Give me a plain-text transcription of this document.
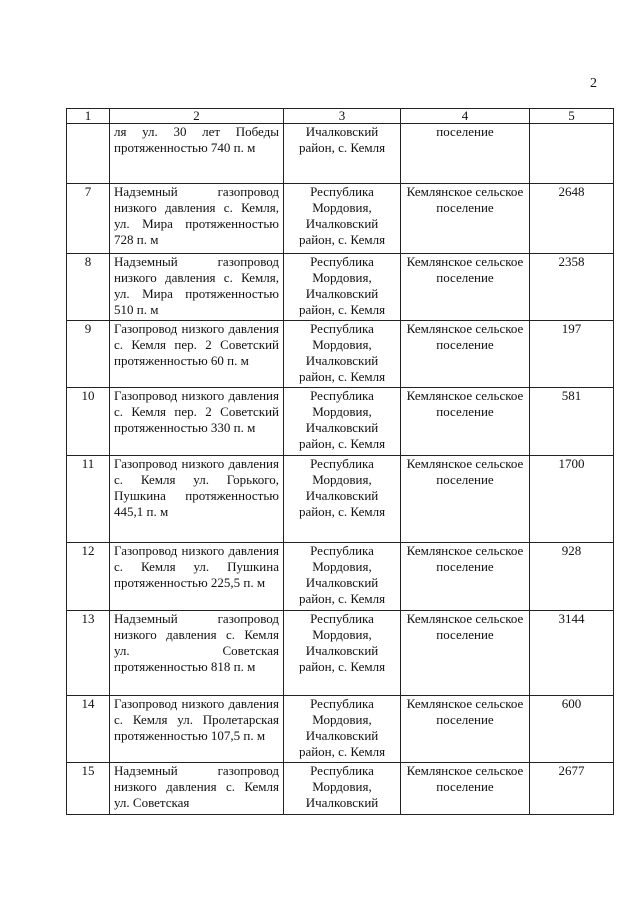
2
1	2	3	4	5
	ля ул. 30 лет Победы протяженностью 740 п. м	Ичалковский район, с. Кемля	поселение	
7	Надземный газопровод низкого давления с. Кемля, ул. Мира протяженностью 728 п. м	Республика Мордовия, Ичалковский район, с. Кемля	Кемлянское сельское поселение	2648
8	Надземный газопровод низкого давления с. Кемля, ул. Мира протяженностью 510 п. м	Республика Мордовия, Ичалковский район, с. Кемля	Кемлянское сельское поселение	2358
9	Газопровод низкого давления с. Кемля пер. 2 Советский протяженностью 60 п. м	Республика Мордовия, Ичалковский район, с. Кемля	Кемлянское сельское поселение	197
10	Газопровод низкого давления с. Кемля пер. 2 Советский протяженностью 330 п. м	Республика Мордовия, Ичалковский район, с. Кемля	Кемлянское сельское поселение	581
11	Газопровод низкого давления с. Кемля ул. Горького, Пушкина протяженностью 445,1 п. м	Республика Мордовия, Ичалковский район, с. Кемля	Кемлянское сельское поселение	1700
12	Газопровод низкого давления с. Кемля ул. Пушкина протяженностью 225,5 п. м	Республика Мордовия, Ичалковский район, с. Кемля	Кемлянское сельское поселение	928
13	Надземный газопровод низкого давления с. Кемля ул. Советская протяженностью 818 п. м	Республика Мордовия, Ичалковский район, с. Кемля	Кемлянское сельское поселение	3144
14	Газопровод низкого давления с. Кемля ул. Пролетарская протяженностью 107,5 п. м	Республика Мордовия, Ичалковский район, с. Кемля	Кемлянское сельское поселение	600
15	Надземный газопровод низкого давления с. Кемля ул. Советская	Республика Мордовия, Ичалковский	Кемлянское сельское поселение	2677
